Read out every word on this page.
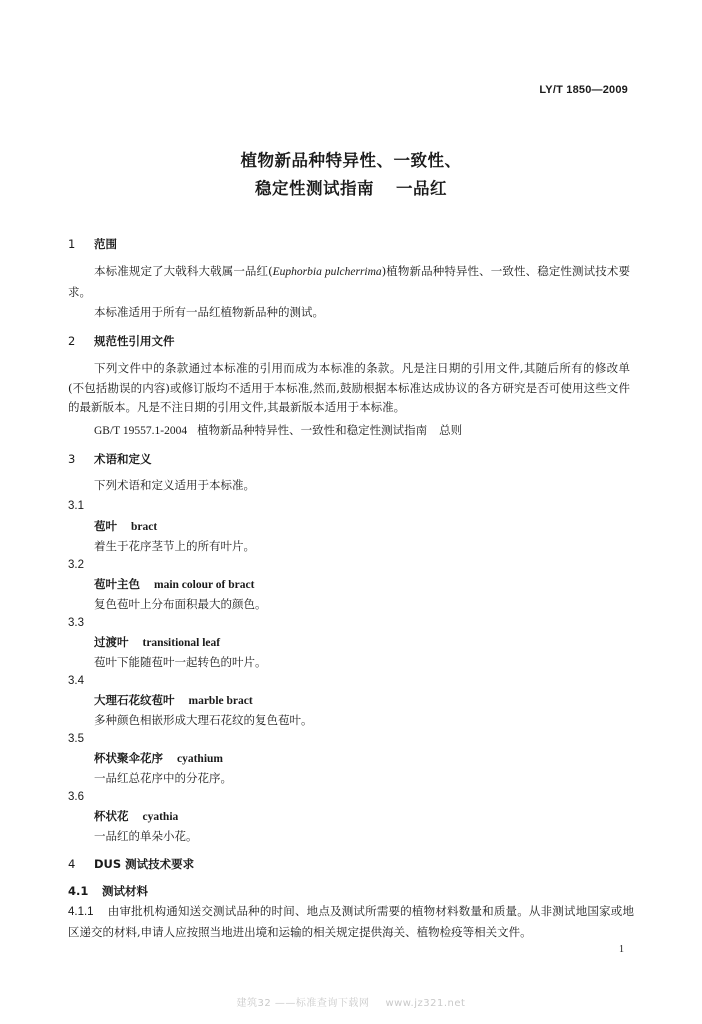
LY/T 1850—2009
植物新品种特异性、一致性、
稳定性测试指南 一品红
1 范围
本标准规定了大戟科大戟属一品红(Euphorbia pulcherrima)植物新品种特异性、一致性、稳定性测试技术要求。
本标准适用于所有一品红植物新品种的测试。
2 规范性引用文件
下列文件中的条款通过本标准的引用而成为本标准的条款。凡是注日期的引用文件,其随后所有的修改单(不包括勘误的内容)或修订版均不适用于本标准,然而,鼓励根据本标准达成协议的各方研究是否可使用这些文件的最新版本。凡是不注日期的引用文件,其最新版本适用于本标准。
GB/T 19557.1-2004 植物新品种特异性、一致性和稳定性测试指南 总则
3 术语和定义
下列术语和定义适用于本标准。
3.1
苞叶 bract
着生于花序茎节上的所有叶片。
3.2
苞叶主色 main colour of bract
复色苞叶上分布面积最大的颜色。
3.3
过渡叶 transitional leaf
苞叶下能随苞叶一起转色的叶片。
3.4
大理石花纹苞叶 marble bract
多种颜色相嵌形成大理石花纹的复色苞叶。
3.5
杯状聚伞花序 cyathium
一品红总花序中的分花序。
3.6
杯状花 cyathia
一品红的单朵小花。
4 DUS 测试技术要求
4.1 测试材料
4.1.1 由审批机构通知送交测试品种的时间、地点及测试所需要的植物材料数量和质量。从非测试地国家或地区递交的材料,申请人应按照当地进出境和运输的相关规定提供海关、植物检疫等相关文件。
1
建筑32 ——标准查询下载网 www.jz321.net
